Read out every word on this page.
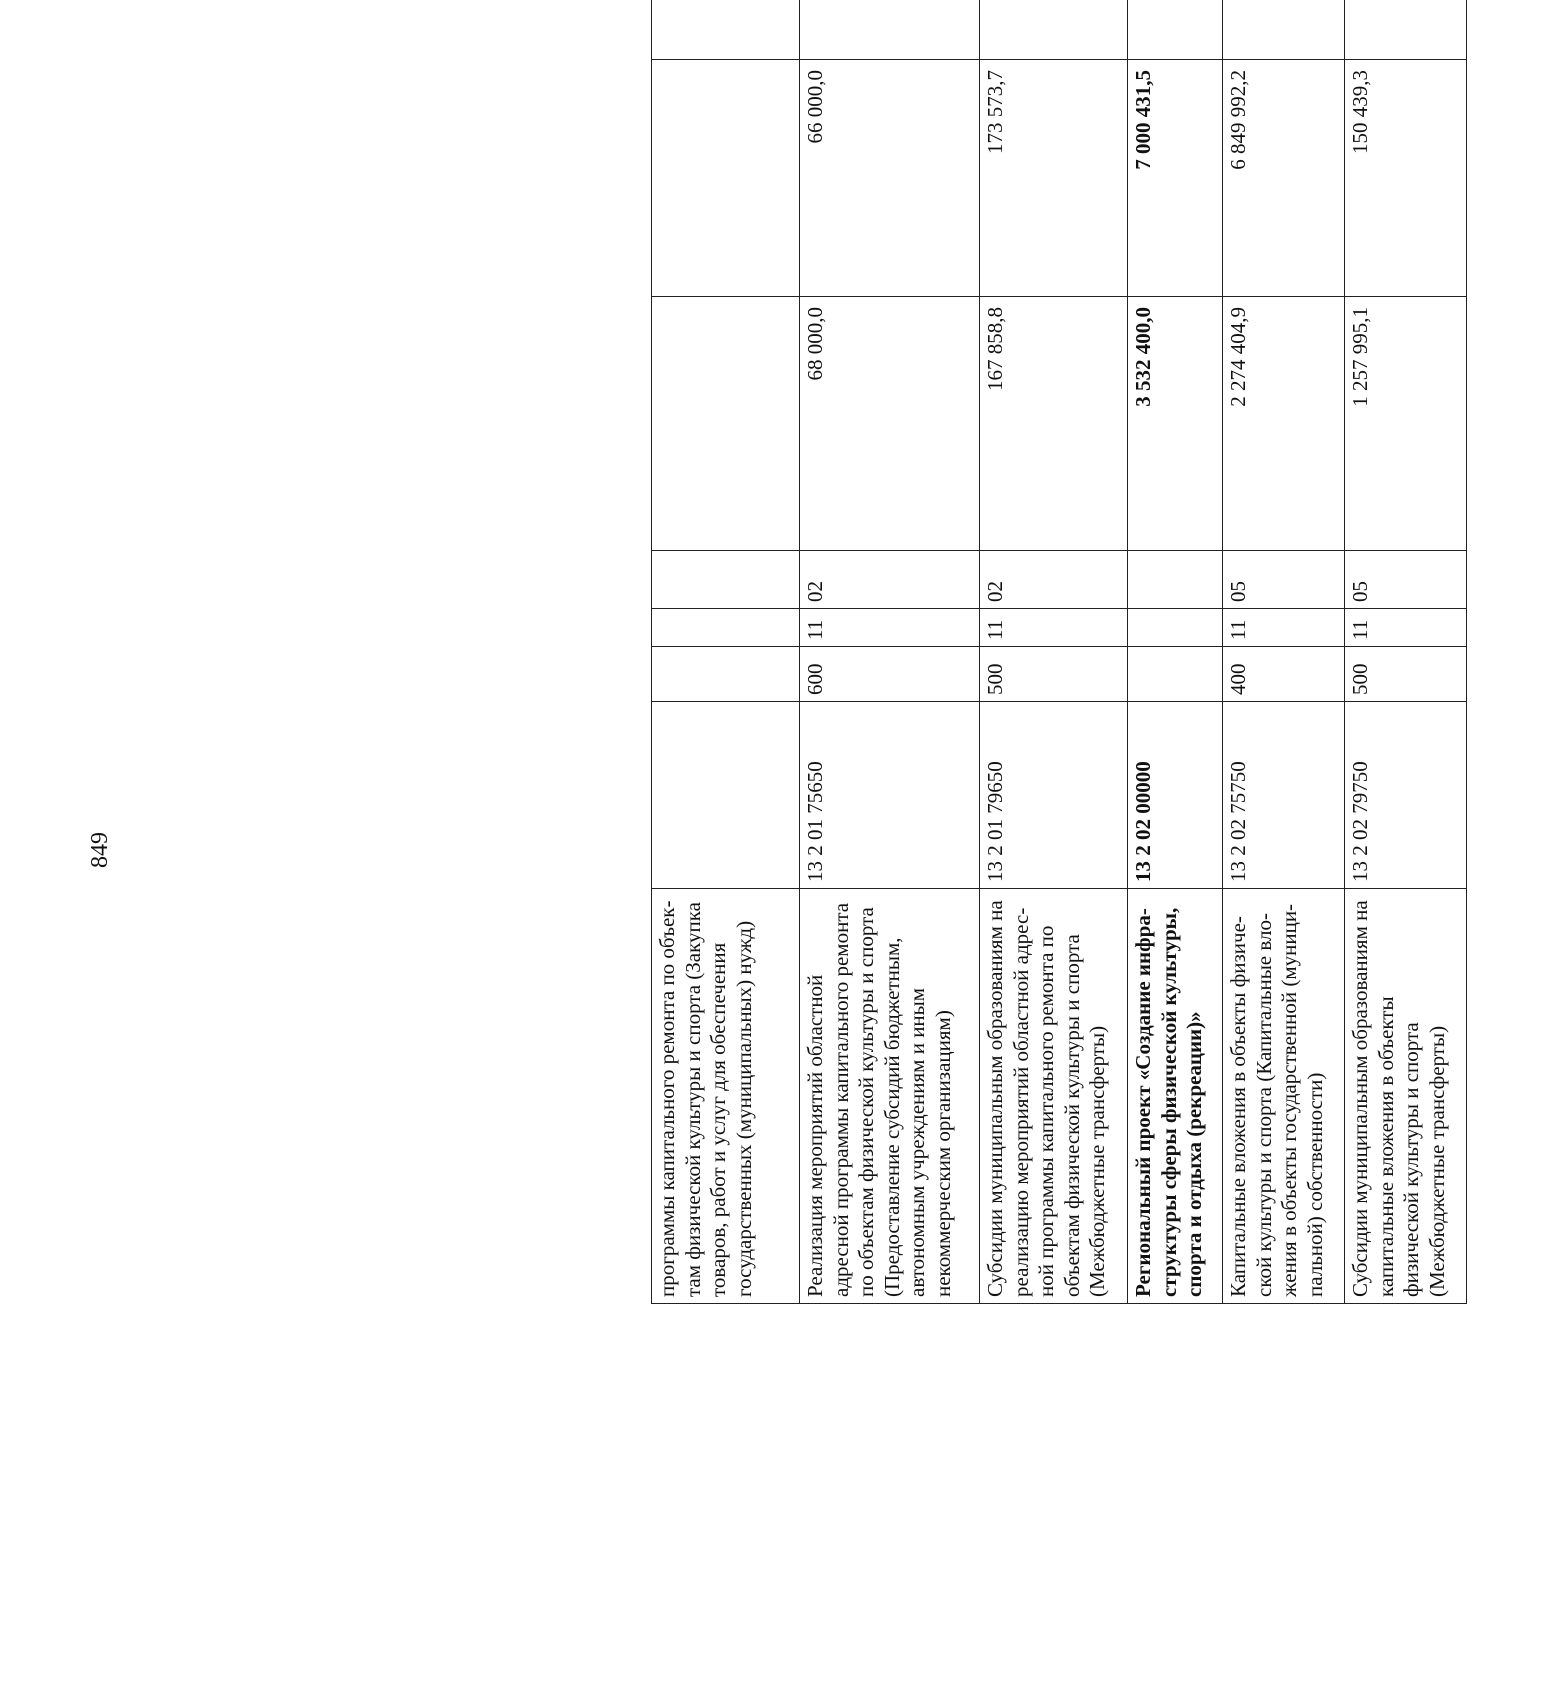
849
программы капитального ремонта по объектам физической культуры и спорта (Закупка товаров, работ и услуг для обеспечения государственных (муниципальных) нужд)							
Реализация мероприятий областной адресной программы капитального ремонта по объектам физической культуры и спорта (Предоставление субсидий бюджетным, автономным учреждениям и иным некоммерческим организациям)	13 2 01 75650	600	11	02	68 000,0	66 000,0	
Субсидии муниципальным образованиям на реализацию мероприятий областной адресной программы капитального ремонта по объектам физической культуры и спорта (Межбюджетные трансферты)	13 2 01 79650	500	11	02	167 858,8	173 573,7	
Региональный проект «Создание инфраструктуры сферы физической культуры, спорта и отдыха (рекреации)»	13 2 02 00000				3 532 400,0	7 000 431,5	
Капитальные вложения в объекты физической культуры и спорта (Капитальные вложения в объекты государственной (муниципальной) собственности)	13 2 02 75750	400	11	05	2 274 404,9	6 849 992,2	
Субсидии муниципальным образованиям на капитальные вложения в объекты физической культуры и спорта (Межбюджетные трансферты)	13 2 02 79750	500	11	05	1 257 995,1	150 439,3	
